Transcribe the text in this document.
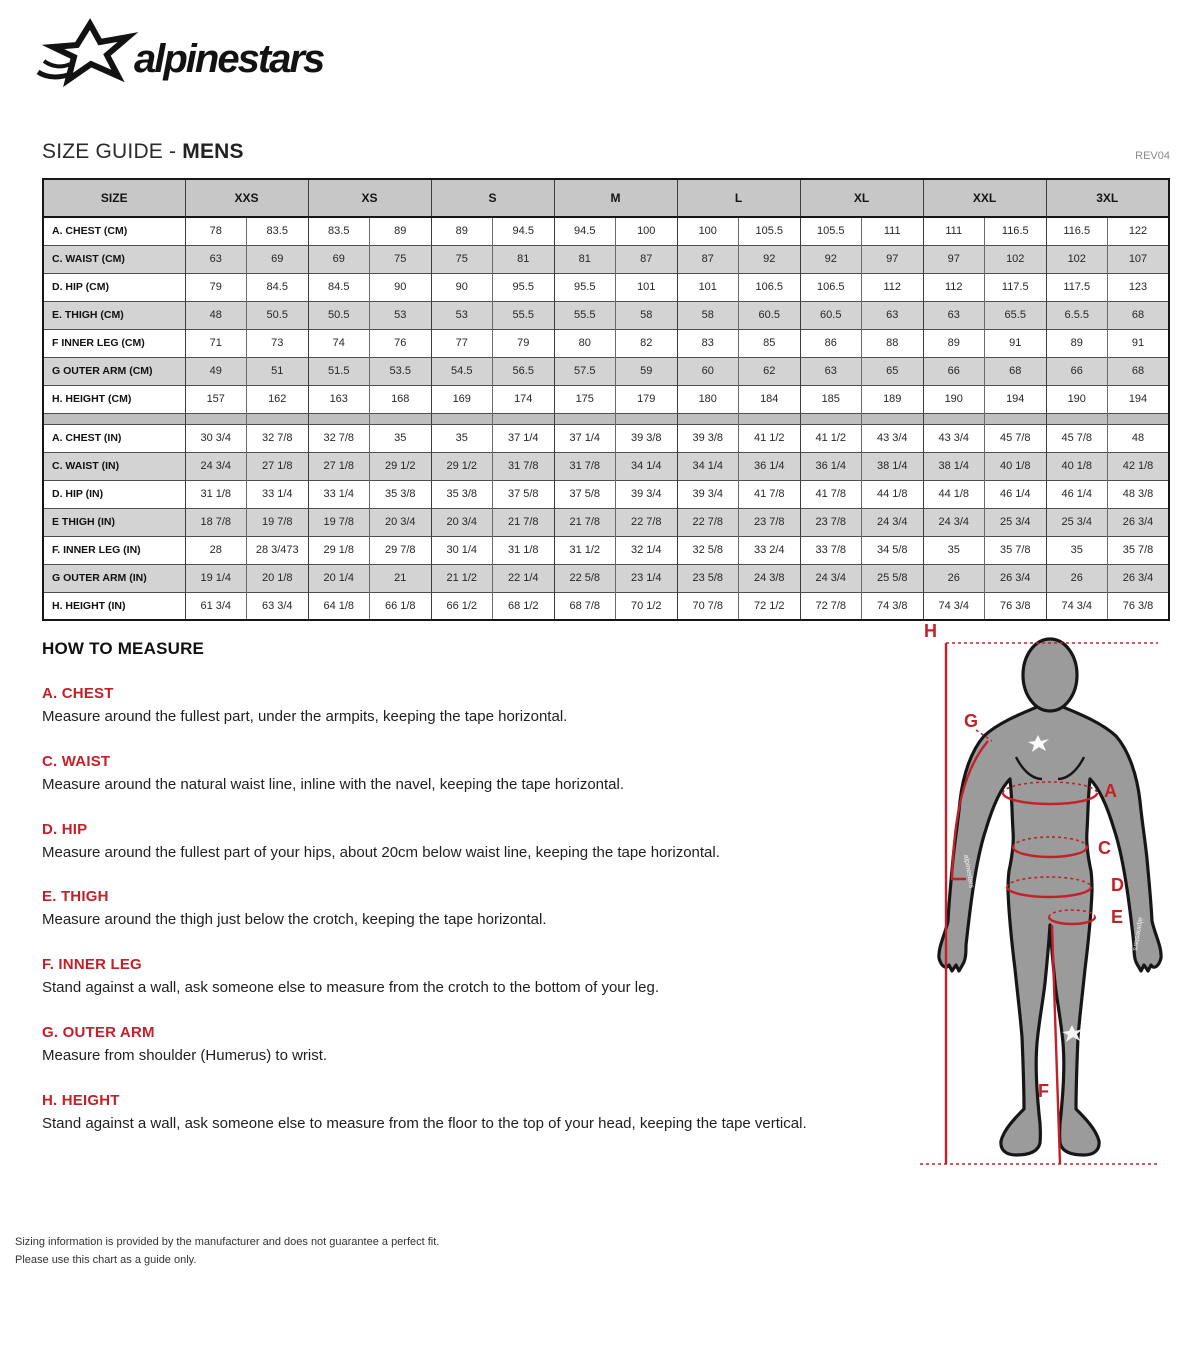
alpinestars
SIZE GUIDE - MENS	REV04
SIZE	XXS		XS		S		M		L		XL		XXL		3XL	
A. CHEST (CM)	78	83.5	83.5	89	89	94.5	94.5	100	100	105.5	105.5	111	111	116.5	116.5	122
C. WAIST (CM)	63	69	69	75	75	81	81	87	87	92	92	97	97	102	102	107
D. HIP (CM)	79	84.5	84.5	90	90	95.5	95.5	101	101	106.5	106.5	112	112	117.5	117.5	123
E. THIGH (CM)	48	50.5	50.5	53	53	55.5	55.5	58	58	60.5	60.5	63	63	65.5	6.5.5	68
F INNER LEG (CM)	71	73	74	76	77	79	80	82	83	85	86	88	89	91	89	91
G OUTER ARM (CM)	49	51	51.5	53.5	54.5	56.5	57.5	59	60	62	63	65	66	68	66	68
H. HEIGHT (CM)	157	162	163	168	169	174	175	179	180	184	185	189	190	194	190	194

A. CHEST (IN)	30 3/4	32 7/8	32 7/8	35	35	37 1/4	37 1/4	39 3/8	39 3/8	41 1/2	41 1/2	43 3/4	43 3/4	45 7/8	45 7/8	48
C. WAIST (IN)	24 3/4	27 1/8	27 1/8	29 1/2	29 1/2	31 7/8	31 7/8	34 1/4	34 1/4	36 1/4	36 1/4	38 1/4	38 1/4	40 1/8	40 1/8	42 1/8
D. HIP (IN)	31 1/8	33 1/4	33 1/4	35 3/8	35 3/8	37 5/8	37 5/8	39 3/4	39 3/4	41 7/8	41 7/8	44 1/8	44 1/8	46 1/4	46 1/4	48 3/8
E THIGH (IN)	18 7/8	19 7/8	19 7/8	20 3/4	20 3/4	21 7/8	21 7/8	22 7/8	22 7/8	23 7/8	23 7/8	24 3/4	24 3/4	25 3/4	25 3/4	26 3/4
F. INNER LEG (IN)	28	28 3/473	29 1/8	29 7/8	30 1/4	31 1/8	31 1/2	32 1/4	32 5/8	33 2/4	33 7/8	34 5/8	35	35 7/8	35	35 7/8
G OUTER ARM (IN)	19 1/4	20 1/8	20 1/4	21	21 1/2	22 1/4	22 5/8	23 1/4	23 5/8	24 3/8	24 3/4	25 5/8	26	26 3/4	26	26 3/4
H. HEIGHT (IN)	61 3/4	63 3/4	64 1/8	66 1/8	66 1/2	68 1/2	68 7/8	70 1/2	70 7/8	72 1/2	72 7/8	74 3/8	74 3/4	76 3/8	74 3/4	76 3/8
HOW TO MEASURE
A. CHEST

Measure around the fullest part, under the armpits, keeping the tape horizontal.

C. WAIST

Measure around the natural waist line, inline with the navel, keeping the tape horizontal.

D. HIP

Measure around the fullest part of your hips, about 20cm below waist line, keeping the tape horizontal.

E. THIGH

Measure around the thigh just below the crotch, keeping the tape horizontal.

F. INNER LEG

Stand against a wall, ask someone else to measure from the crotch to the bottom of your leg.

G. OUTER ARM

Measure from shoulder (Humerus) to wrist.

H. HEIGHT

Stand against a wall, ask someone else to measure from the floor to the top of your head, keeping the tape vertical.

alpinestars
alpinestars
H
G
A
C
D
E
F

Sizing information is provided by the manufacturer and does not guarantee a perfect fit.

Please use this chart as a guide only.
